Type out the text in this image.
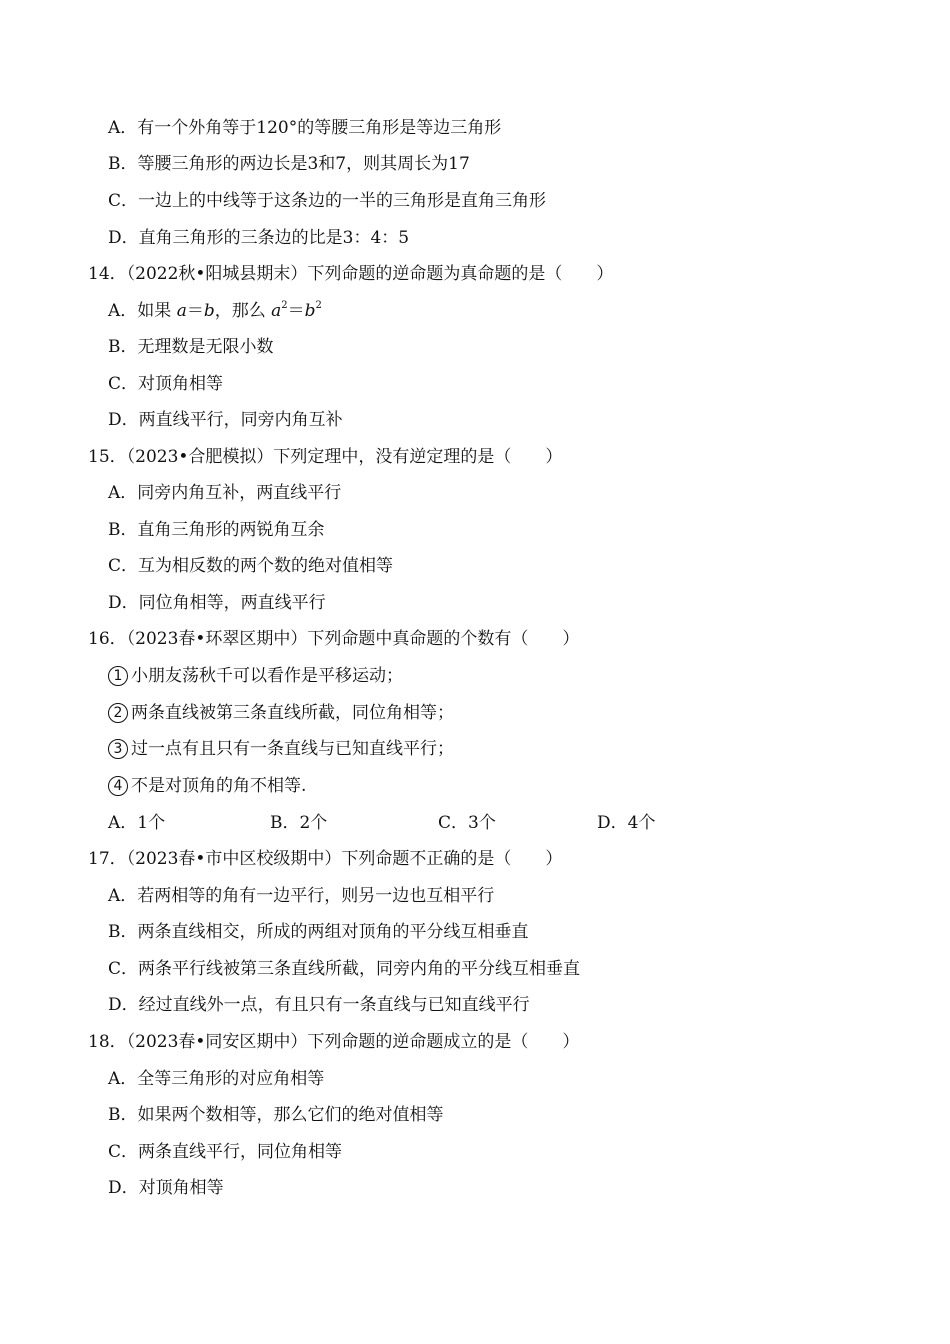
A．有一个外角等于120°的等腰三角形是等边三角形
B．等腰三角形的两边长是3和7，则其周长为17
C．一边上的中线等于这条边的一半的三角形是直角三角形
D．直角三角形的三条边的比是3：4：5
14．（2022秋•阳城县期末）下列命题的逆命题为真命题的是（　　）
A．如果 a＝b，那么 $a^2=b^2$
B．无理数是无限小数
C．对顶角相等
D．两直线平行，同旁内角互补
15．（2023•合肥模拟）下列定理中，没有逆定理的是（　　）
A．同旁内角互补，两直线平行
B．直角三角形的两锐角互余
C．互为相反数的两个数的绝对值相等
D．同位角相等，两直线平行
16．（2023春•环翠区期中）下列命题中真命题的个数有（　　）
1 小朋友荡秋千可以看作是平移运动；
2 两条直线被第三条直线所截，同位角相等；
3 过一点有且只有一条直线与已知直线平行；
4 不是对顶角的角不相等.
A．1个	B．2个	C．3个	D．4个
17．（2023春•市中区校级期中）下列命题不正确的是（　　）
A．若两相等的角有一边平行，则另一边也互相平行
B．两条直线相交，所成的两组对顶角的平分线互相垂直
C．两条平行线被第三条直线所截，同旁内角的平分线互相垂直
D．经过直线外一点，有且只有一条直线与已知直线平行
18．（2023春•同安区期中）下列命题的逆命题成立的是（　　）
A．全等三角形的对应角相等
B．如果两个数相等，那么它们的绝对值相等
C．两条直线平行，同位角相等
D．对顶角相等
